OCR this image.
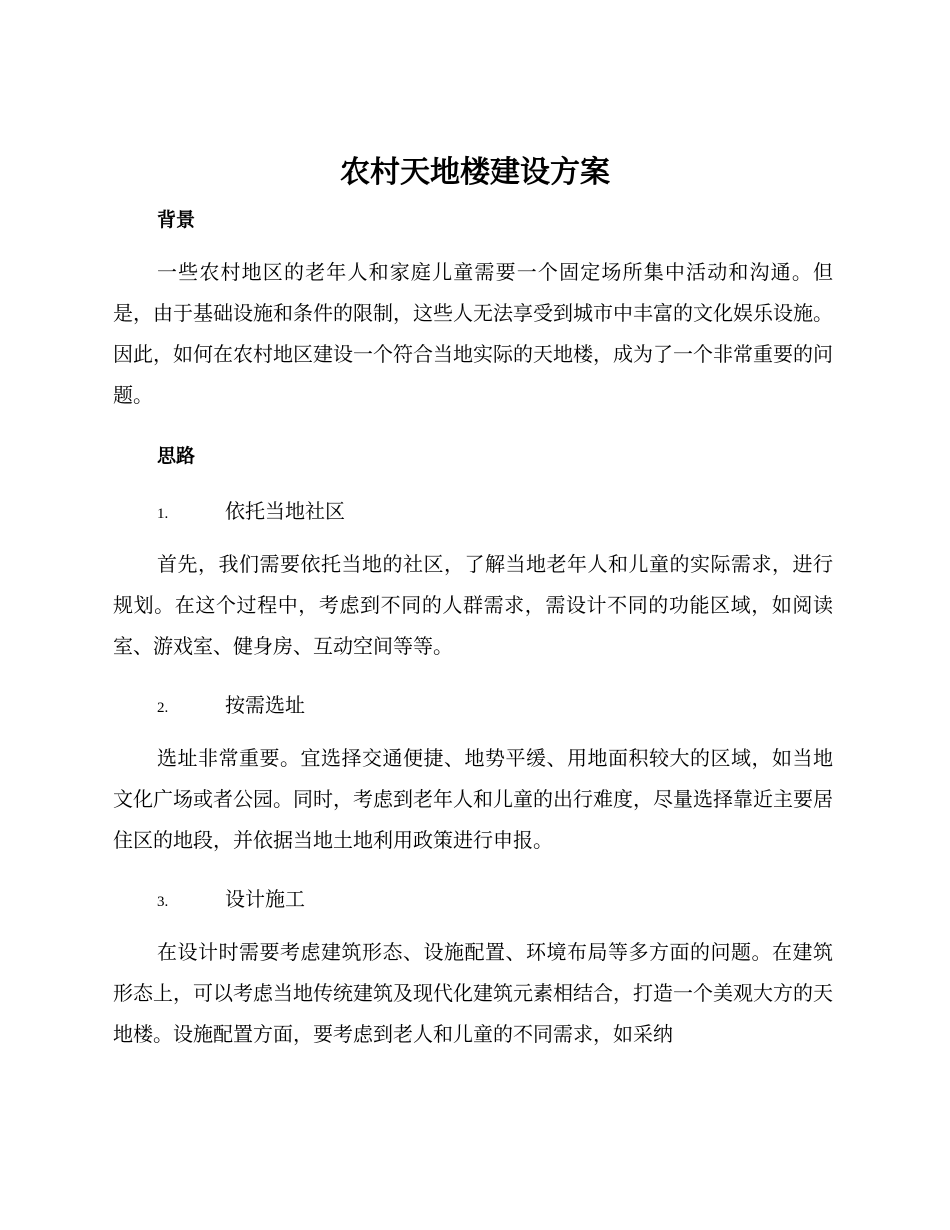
农村天地楼建设方案
背景

一些农村地区的老年人和家庭儿童需要一个固定场所集中活动和沟通。但是，由于基础设施和条件的限制，这些人无法享受到城市中丰富的文化娱乐设施。因此，如何在农村地区建设一个符合当地实际的天地楼，成为了一个非常重要的问题。

思路
1.	依托当地社区

首先，我们需要依托当地的社区，了解当地老年人和儿童的实际需求，进行规划。在这个过程中，考虑到不同的人群需求，需设计不同的功能区域，如阅读室、游戏室、健身房、互动空间等等。

2.	按需选址

选址非常重要。宜选择交通便捷、地势平缓、用地面积较大的区域，如当地文化广场或者公园。同时，考虑到老年人和儿童的出行难度，尽量选择靠近主要居住区的地段，并依据当地土地利用政策进行申报。

3.	设计施工

在设计时需要考虑建筑形态、设施配置、环境布局等多方面的问题。在建筑形态上，可以考虑当地传统建筑及现代化建筑元素相结合，打造一个美观大方的天地楼。设施配置方面，要考虑到老人和儿童的不同需求，如采纳
